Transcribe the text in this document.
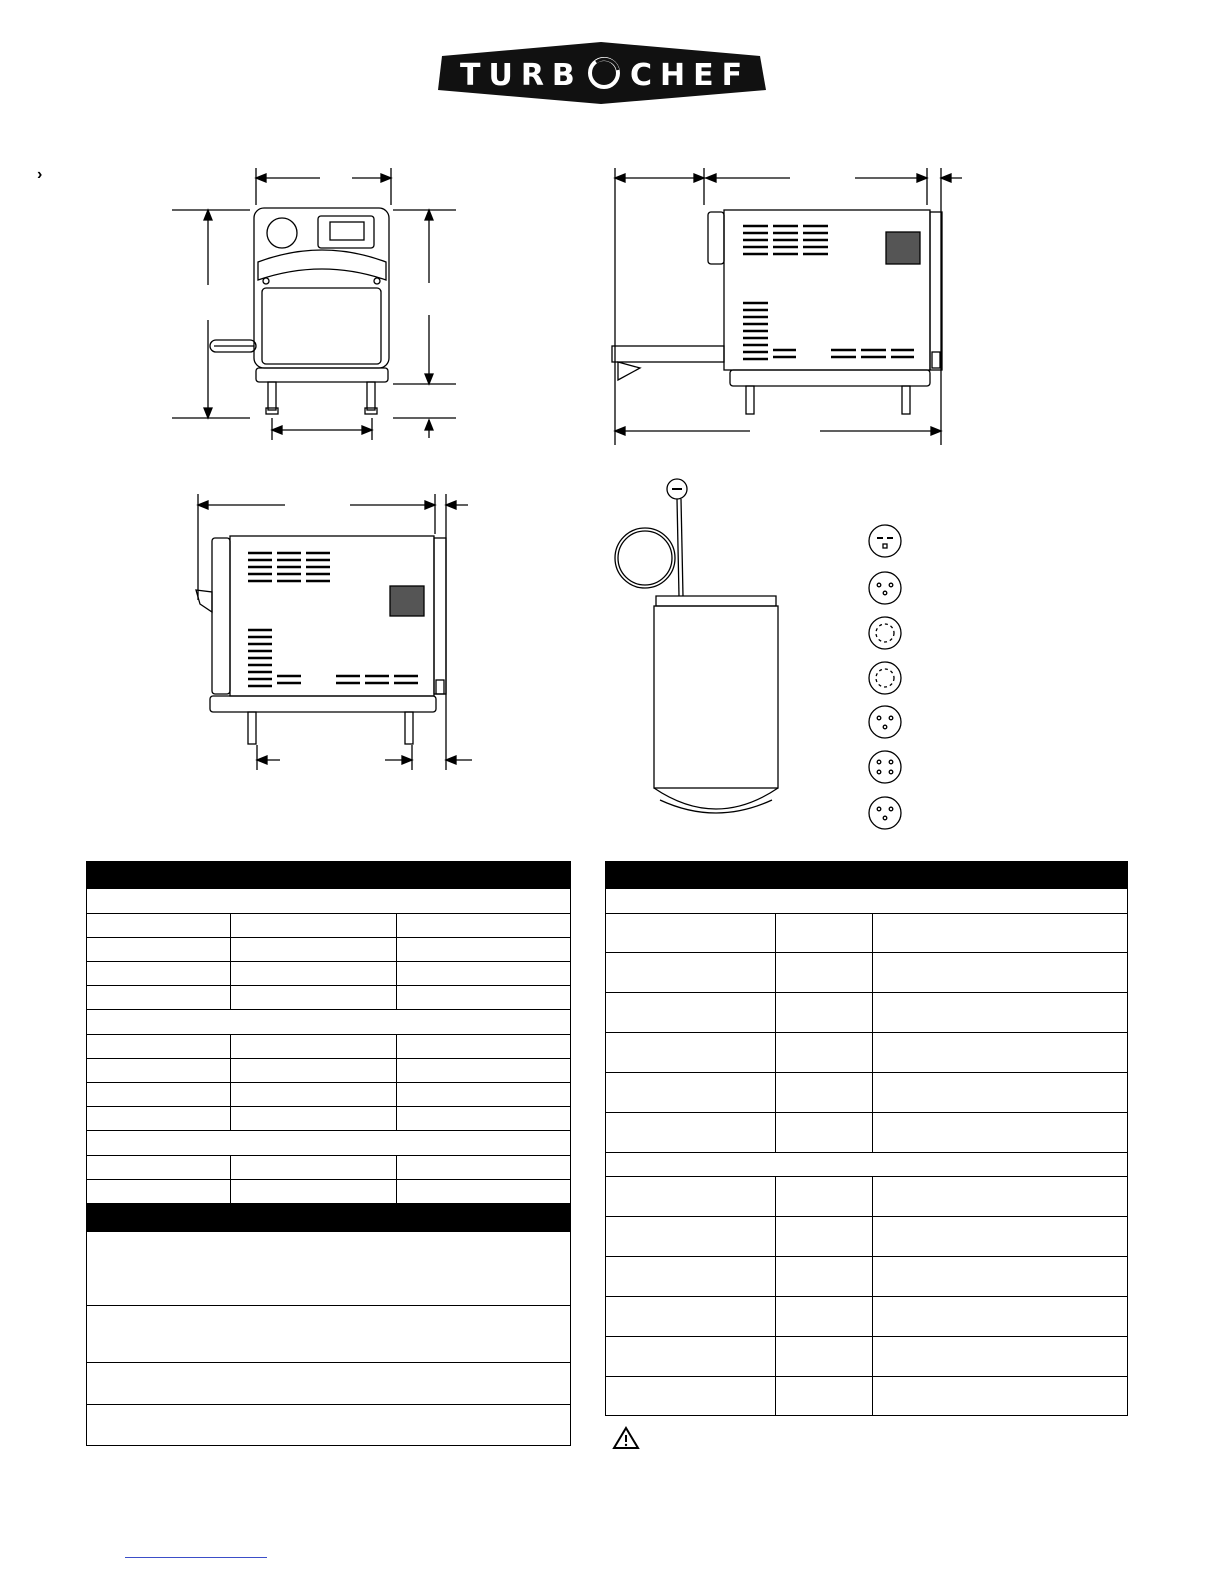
TURB CHEF
›
